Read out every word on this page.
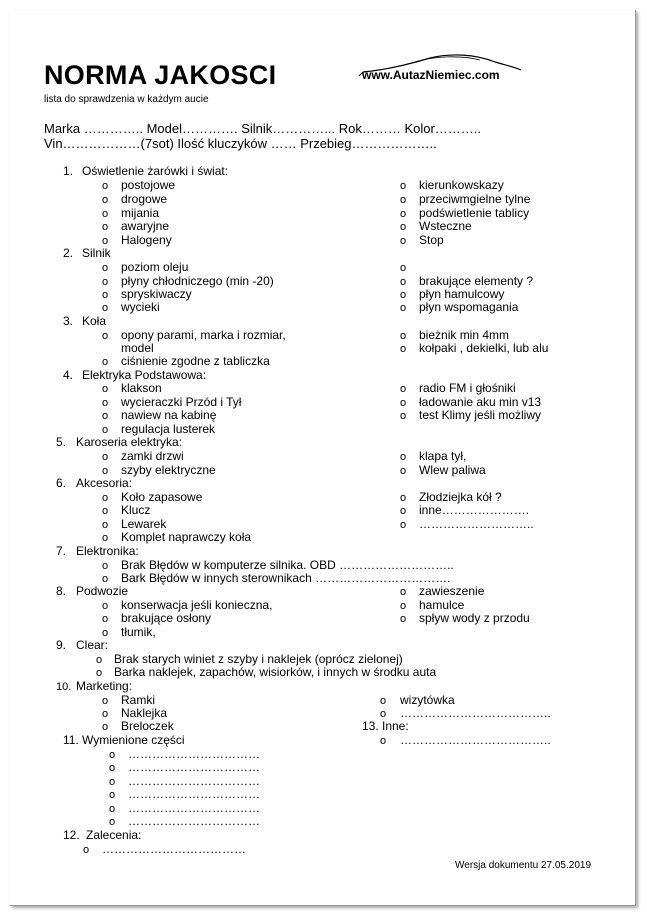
NORMA JAKOSCI
lista do sprawdzenia w każdym aucie
www.AutazNiemiec.com
Marka ………….. Model…………. Silnik…………... Rok……… Kolor………..
Vin………………(7sot) Ilość kluczyków …… Przebieg………………..
1. Oświetlenie żarówki i świat:
o postojowe
o drogowe
o mijania
o awaryjne
o Halogeny
o kierunkowskazy
o przeciwmgielne tylne
o podświetlenie tablicy
o Wsteczne
o Stop
2. Silnik
o poziom oleju
o płyny chłodniczego (min -20)
o spryskiwaczy
o wycieki
o
o brakujące elementy ?
o płyn hamulcowy
o płyn wspomagania
3. Koła
o opony parami, marka i rozmiar,
model
o ciśnienie zgodne z tabliczka
o bieżnik min 4mm
o kołpaki , dekielki, lub alu
4. Elektryka Podstawowa:
o klakson
o wycieraczki Przód i Tył
o nawiew na kabinę
o regulacja lusterek
o radio FM i głośniki
o ładowanie aku min v13
o test Klimy jeśli możliwy
5. Karoseria elektryka:
o zamki drzwi
o szyby elektryczne
o klapa tył,
o Wlew paliwa
6. Akcesoria:
o Koło zapasowe
o Klucz
o Lewarek
o Komplet naprawczy koła
o Złodziejka kół ?
o inne………………….
o ………………………..
7. Elektronika:
o Brak Błędów w komputerze silnika. OBD ………………………..
o Bark Błędów w innych sterownikach …………………………….
8. Podwozie
o konserwacja jeśli konieczna,
o brakujące osłony
o tłumik,
o zawieszenie
o hamulce
o spływ wody z przodu
9. Clear:
o Brak starych winiet z szyby i naklejek (oprócz zielonej)
o Barka naklejek, zapachów, wisiorków, i innych w środku auta
10. Marketing:
o Ramki
o Naklejka
o Breloczek
o wizytówka
o ………………………………..
13. Inne:
o ………………………………..
11. Wymienione części
o ……………………………
o ……………………………
o ……………………………
o ……………………………
o ……………………………
o ……………………………
12. Zalecenia:
o ………………………………
Wersja dokumentu 27.05.2019
